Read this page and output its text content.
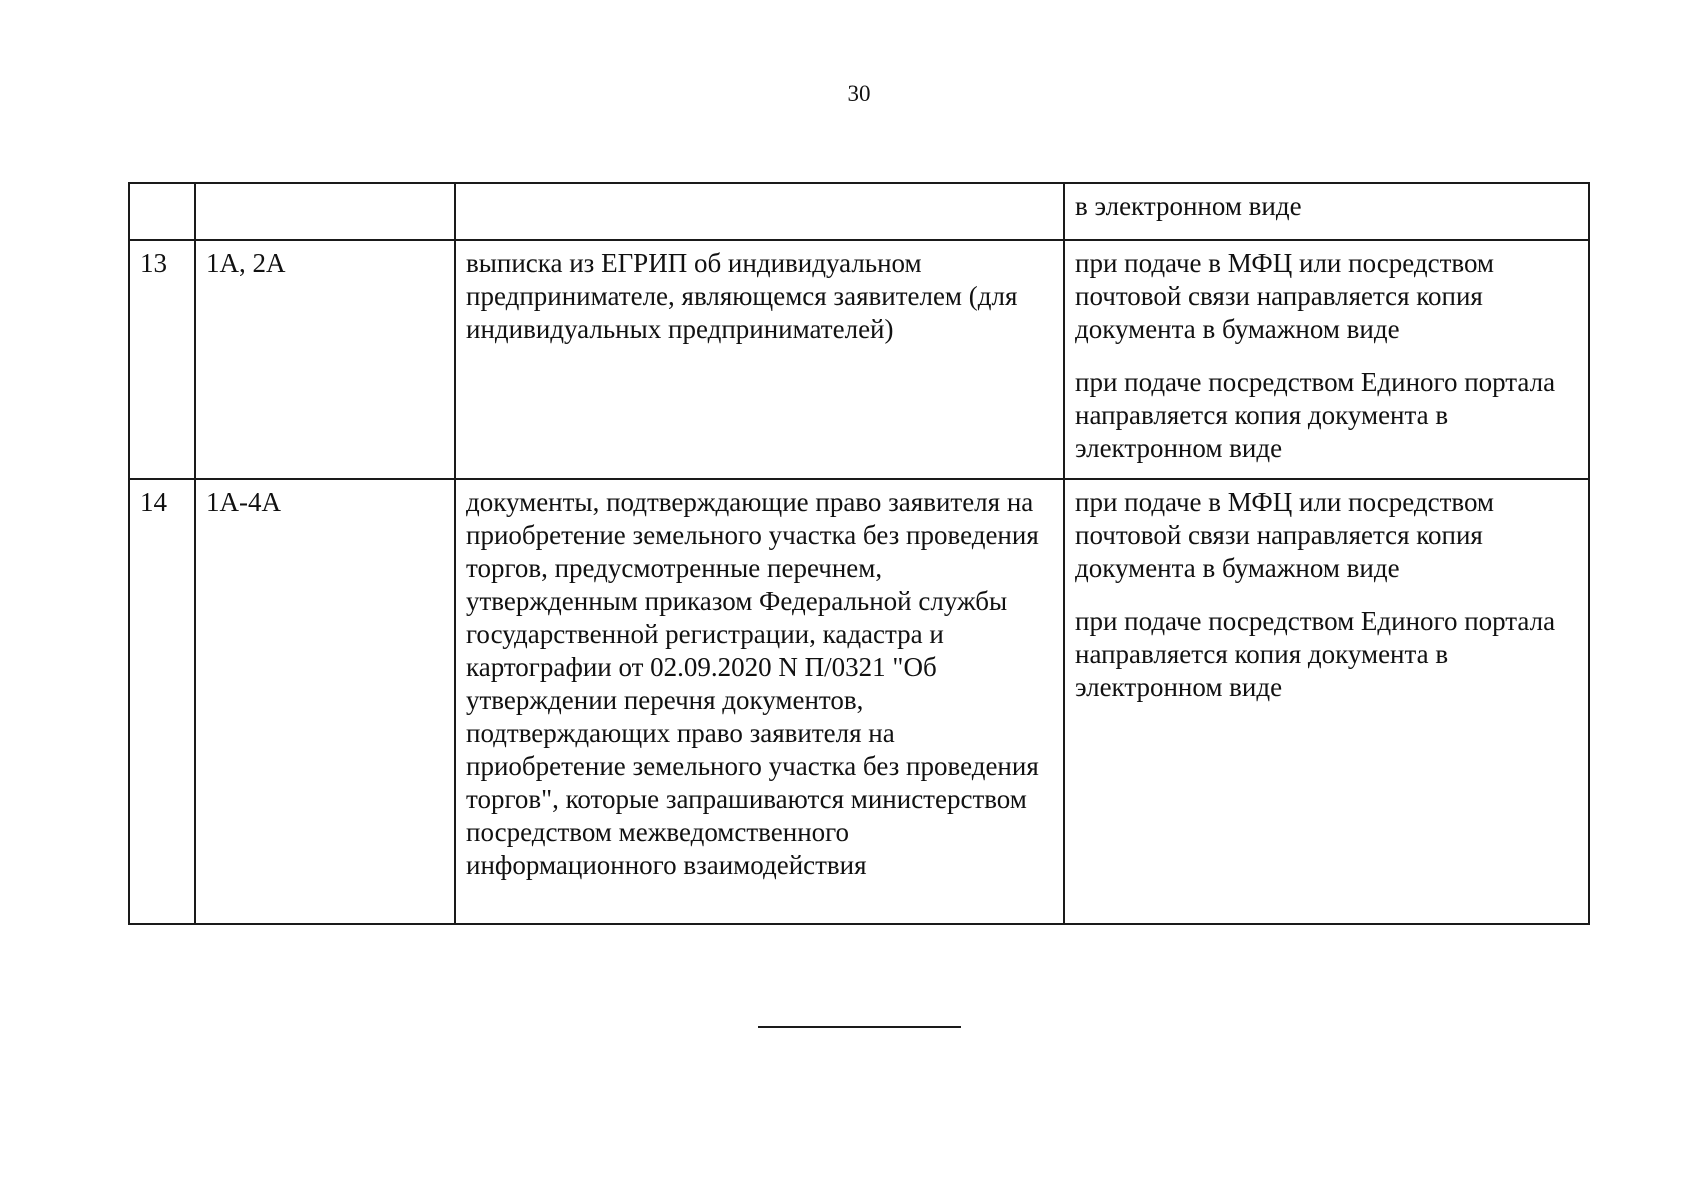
30

			в электронном виде

13	1А, 2А	выписка из ЕГРИП об индивидуальном предпринимателе, являющемся заявителем (для индивидуальных предпринимателей)	при подаче в МФЦ или посредством почтовой связи направляется копия документа в бумажном виде

при подаче посредством Единого портала направляется копия документа в электронном виде

14	1А-4А	документы, подтверждающие право заявителя на приобретение земельного участка без проведения торгов, предусмотренные перечнем, утвержденным приказом Федеральной службы государственной регистрации, кадастра и картографии от 02.09.2020 N П/0321 "Об утверждении перечня документов, подтверждающих право заявителя на приобретение земельного участка без проведения торгов", которые запрашиваются министерством посредством межведомственного информационного взаимодействия	при подаче в МФЦ или посредством почтовой связи направляется копия документа в бумажном виде

при подаче посредством Единого портала направляется копия документа в электронном виде
